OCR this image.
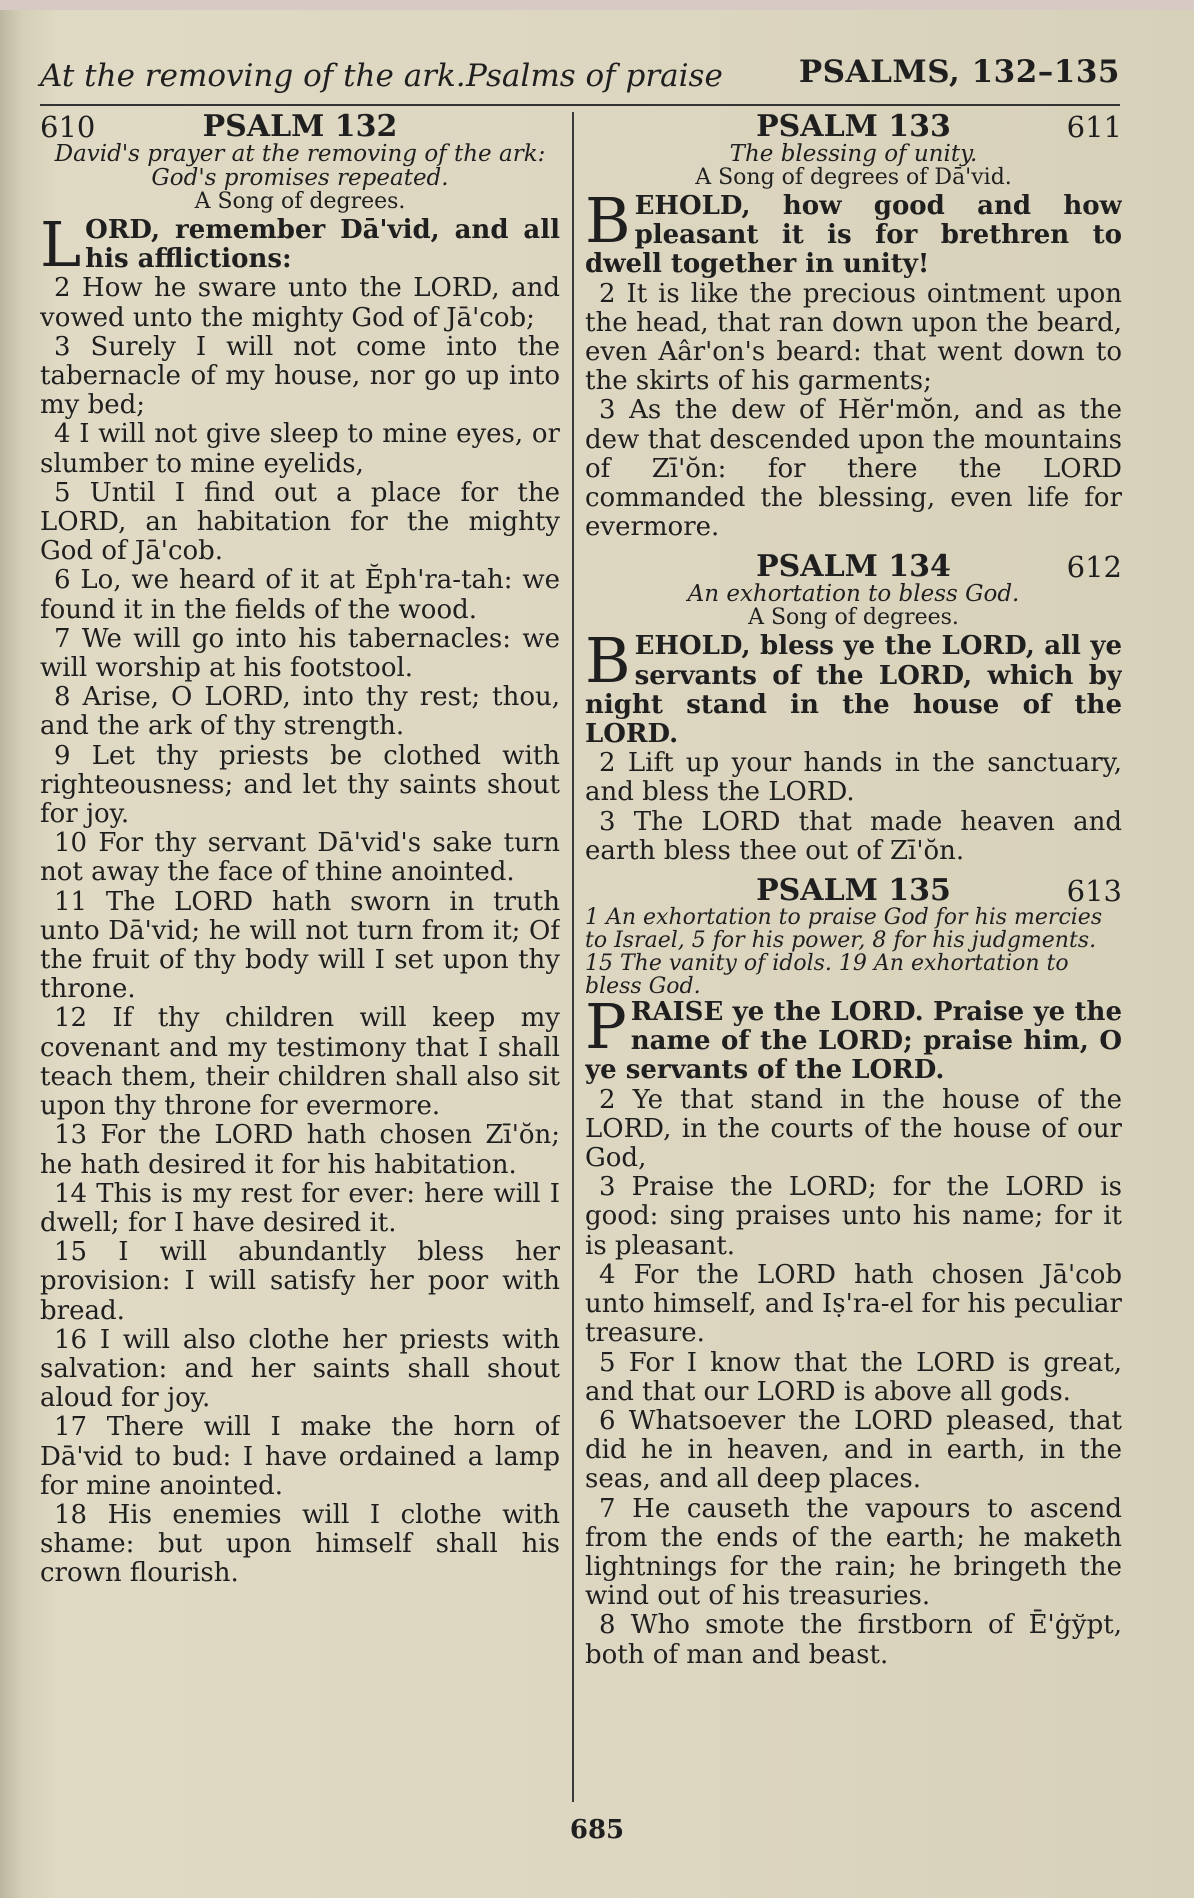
At the removing of the ark. Psalms of praise PSALMS, 132–135
610	PSALM 132
David's prayer at the removing of the ark: God's promises repeated.
A Song of degrees.

LORD, remember Dā'vid, and all his afflictions:

2 How he sware unto the LORD, and vowed unto the mighty God of Jā'cob;

3 Surely I will not come into the tabernacle of my house, nor go up into my bed;

4 I will not give sleep to mine eyes, or slumber to mine eyelids,

5 Until I find out a place for the LORD, an habitation for the mighty God of Jā'cob.

6 Lo, we heard of it at Ĕph'ra-tah: we found it in the fields of the wood.

7 We will go into his tabernacles: we will worship at his footstool.

8 Arise, O LORD, into thy rest; thou, and the ark of thy strength.

9 Let thy priests be clothed with righteousness; and let thy saints shout for joy.

10 For thy servant Dā'vid's sake turn not away the face of thine anointed.

11 The LORD hath sworn in truth unto Dā'vid; he will not turn from it; Of the fruit of thy body will I set upon thy throne.

12 If thy children will keep my covenant and my testimony that I shall teach them, their children shall also sit upon thy throne for evermore.

13 For the LORD hath chosen Zī'ŏn; he hath desired it for his habitation.

14 This is my rest for ever: here will I dwell; for I have desired it.

15 I will abundantly bless her provision: I will satisfy her poor with bread.

16 I will also clothe her priests with salvation: and her saints shall shout aloud for joy.

17 There will I make the horn of Dā'vid to bud: I have ordained a lamp for mine anointed.

18 His enemies will I clothe with shame: but upon himself shall his crown flourish.

PSALM 133	611
The blessing of unity.
A Song of degrees of Dā'vid.

BEHOLD, how good and how pleasant it is for brethren to dwell together in unity!

2 It is like the precious ointment upon the head, that ran down upon the beard, even Aâr'on's beard: that went down to the skirts of his garments;

3 As the dew of Hĕr'mŏn, and as the dew that descended upon the mountains of Zī'ŏn: for there the LORD commanded the blessing, even life for evermore.

PSALM 134	612
An exhortation to bless God.
A Song of degrees.

BEHOLD, bless ye the LORD, all ye servants of the LORD, which by night stand in the house of the LORD.

2 Lift up your hands in the sanctuary, and bless the LORD.

3 The LORD that made heaven and earth bless thee out of Zī'ŏn.

PSALM 135	613
1 An exhortation to praise God for his mercies to Israel, 5 for his power, 8 for his judgments. 15 The vanity of idols. 19 An exhortation to bless God.

PRAISE ye the LORD. Praise ye the name of the LORD; praise him, O ye servants of the LORD.

2 Ye that stand in the house of the LORD, in the courts of the house of our God,

3 Praise the LORD; for the LORD is good: sing praises unto his name; for it is pleasant.

4 For the LORD hath chosen Jā'cob unto himself, and Iṣ'ra-el for his peculiar treasure.

5 For I know that the LORD is great, and that our LORD is above all gods.

6 Whatsoever the LORD pleased, that did he in heaven, and in earth, in the seas, and all deep places.

7 He causeth the vapours to ascend from the ends of the earth; he maketh lightnings for the rain; he bringeth the wind out of his treasuries.

8 Who smote the firstborn of Ē'ġўpt, both of man and beast.

685
